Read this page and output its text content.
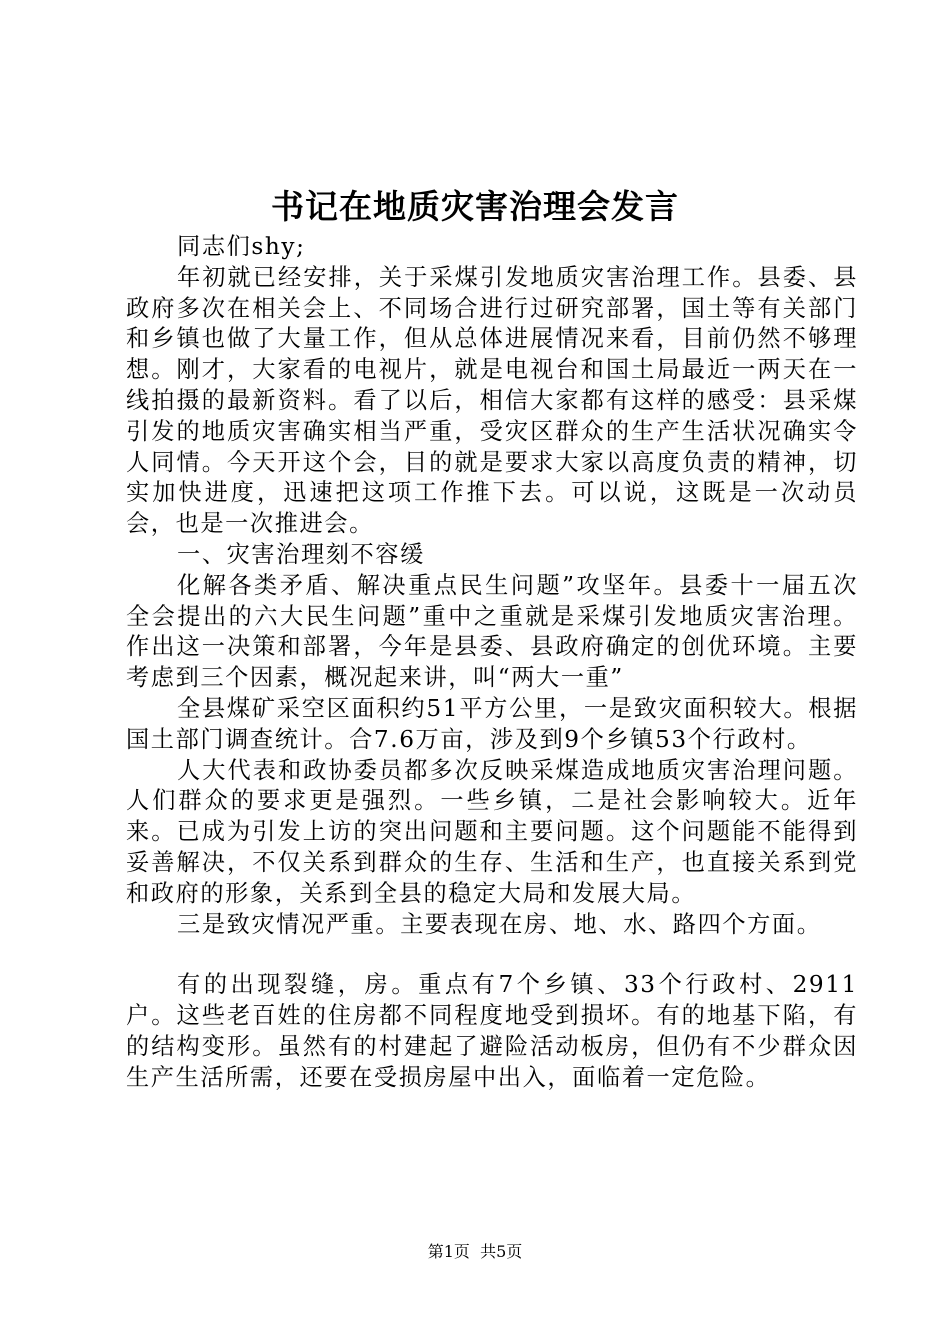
书记在地质灾害治理会发言

同志们shy;

年初就已经安排，关于采煤引发地质灾害治理工作。县委、县政府多次在相关会上、不同场合进行过研究部署，国土等有关部门和乡镇也做了大量工作，但从总体进展情况来看，目前仍然不够理想。刚才，大家看的电视片，就是电视台和国土局最近一两天在一线拍摄的最新资料。看了以后，相信大家都有这样的感受：县采煤引发的地质灾害确实相当严重，受灾区群众的生产生活状况确实令人同情。今天开这个会，目的就是要求大家以高度负责的精神，切实加快进度，迅速把这项工作推下去。可以说，这既是一次动员会，也是一次推进会。

一、灾害治理刻不容缓

化解各类矛盾、解决重点民生问题”攻坚年。县委十一届五次全会提出的六大民生问题”重中之重就是采煤引发地质灾害治理。作出这一决策和部署，今年是县委、县政府确定的创优环境。主要考虑到三个因素，概况起来讲，叫“两大一重”

全县煤矿采空区面积约51平方公里，一是致灾面积较大。根据国土部门调查统计。合7.6万亩，涉及到9个乡镇53个行政村。

人大代表和政协委员都多次反映采煤造成地质灾害治理问题。人们群众的要求更是强烈。一些乡镇，二是社会影响较大。近年来。已成为引发上访的突出问题和主要问题。这个问题能不能得到妥善解决，不仅关系到群众的生存、生活和生产，也直接关系到党和政府的形象，关系到全县的稳定大局和发展大局。

三是致灾情况严重。主要表现在房、地、水、路四个方面。

有的出现裂缝，房。重点有7个乡镇、33个行政村、2911户。这些老百姓的住房都不同程度地受到损坏。有的地基下陷，有的结构变形。虽然有的村建起了避险活动板房，但仍有不少群众因生产生活所需，还要在受损房屋中出入，面临着一定危险。

第1页 共5页
